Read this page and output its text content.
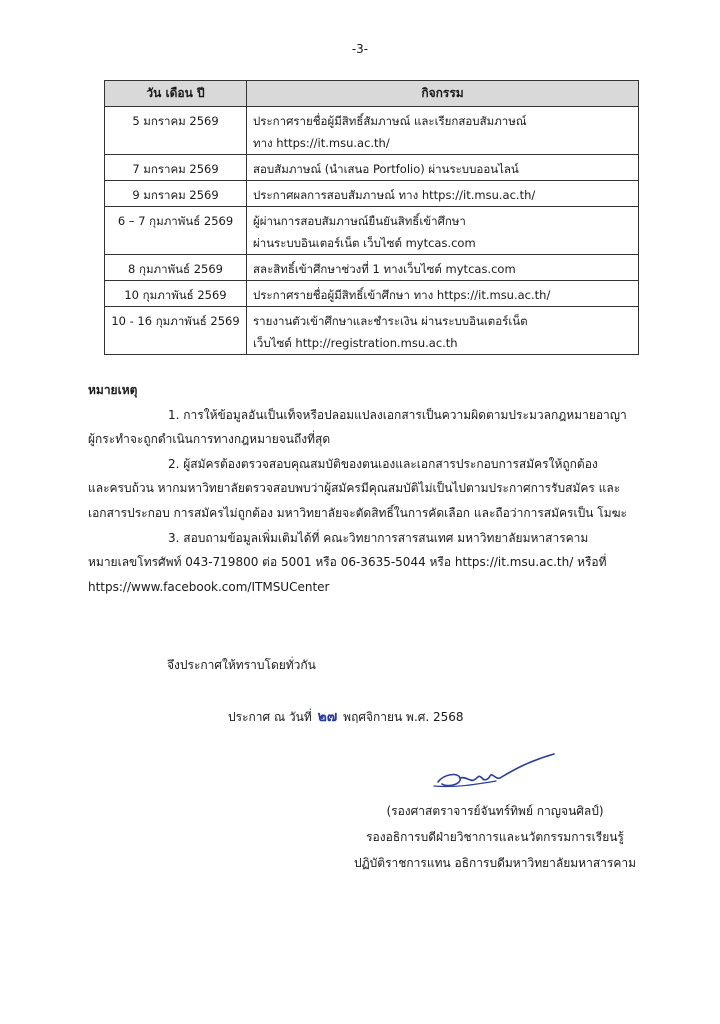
-3-
วัน เดือน ปี	กิจกรรม
5 มกราคม 2569	ประกาศรายชื่อผู้มีสิทธิ์สัมภาษณ์ และเรียกสอบสัมภาษณ์
ทาง https://it.msu.ac.th/

7 มกราคม 2569	สอบสัมภาษณ์ (นำเสนอ Portfolio) ผ่านระบบออนไลน์

9 มกราคม 2569	ประกาศผลการสอบสัมภาษณ์ ทาง https://it.msu.ac.th/

6 – 7 กุมภาพันธ์ 2569	ผู้ผ่านการสอบสัมภาษณ์ยืนยันสิทธิ์เข้าศึกษา
ผ่านระบบอินเตอร์เน็ต เว็บไซต์ mytcas.com

8 กุมภาพันธ์ 2569	สละสิทธิ์เข้าศึกษาช่วงที่ 1 ทางเว็บไซต์ mytcas.com

10 กุมภาพันธ์ 2569	ประกาศรายชื่อผู้มีสิทธิ์เข้าศึกษา ทาง https://it.msu.ac.th/

10 - 16 กุมภาพันธ์ 2569	รายงานตัวเข้าศึกษาและชำระเงิน ผ่านระบบอินเตอร์เน็ต
เว็บไซต์ http://registration.msu.ac.th
หมายเหตุ
1. การให้ข้อมูลอันเป็นเท็จหรือปลอมแปลงเอกสารเป็นความผิดตามประมวลกฎหมายอาญา
ผู้กระทำจะถูกดำเนินการทางกฎหมายจนถึงที่สุด
2. ผู้สมัครต้องตรวจสอบคุณสมบัติของตนเองและเอกสารประกอบการสมัครให้ถูกต้อง
และครบถ้วน หากมหาวิทยาลัยตรวจสอบพบว่าผู้สมัครมีคุณสมบัติไม่เป็นไปตามประกาศการรับสมัคร และเอกสารประกอบ การสมัครไม่ถูกต้อง มหาวิทยาลัยจะตัดสิทธิ์ในการคัดเลือก และถือว่าการสมัครเป็น โมฆะ
3. สอบถามข้อมูลเพิ่มเติมได้ที่ คณะวิทยาการสารสนเทศ มหาวิทยาลัยมหาสารคาม
หมายเลขโทรศัพท์ 043-719800 ต่อ 5001 หรือ 06-3635-5044 หรือ https://it.msu.ac.th/ หรือที่ https://www.facebook.com/ITMSUCenter
จึงประกาศให้ทราบโดยทั่วกัน
ประกาศ ณ วันที่ ๒๗ พฤศจิกายน พ.ศ. 2568
(รองศาสตราจารย์จันทร์ทิพย์ กาญจนศิลป์)
รองอธิการบดีฝ่ายวิชาการและนวัตกรรมการเรียนรู้
ปฏิบัติราชการแทน อธิการบดีมหาวิทยาลัยมหาสารคาม
